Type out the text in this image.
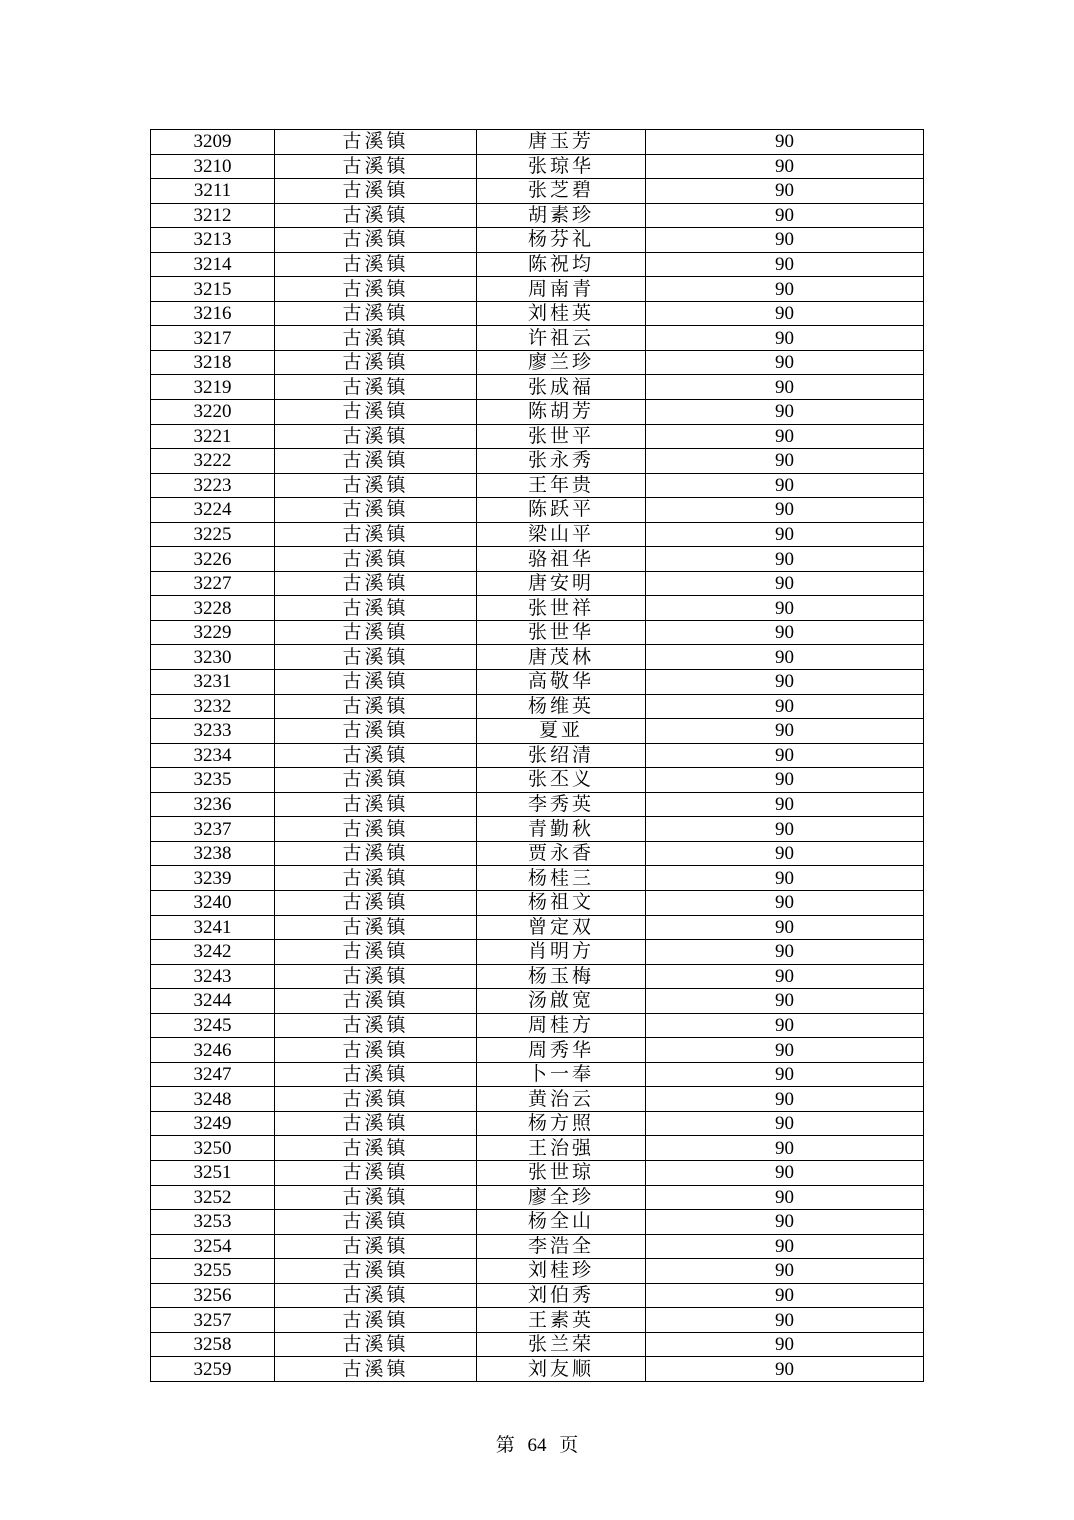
3209	古溪镇	唐玉芳	90
3210	古溪镇	张琼华	90
3211	古溪镇	张芝碧	90
3212	古溪镇	胡素珍	90
3213	古溪镇	杨芬礼	90
3214	古溪镇	陈祝均	90
3215	古溪镇	周南青	90
3216	古溪镇	刘桂英	90
3217	古溪镇	许祖云	90
3218	古溪镇	廖兰珍	90
3219	古溪镇	张成福	90
3220	古溪镇	陈胡芳	90
3221	古溪镇	张世平	90
3222	古溪镇	张永秀	90
3223	古溪镇	王年贵	90
3224	古溪镇	陈跃平	90
3225	古溪镇	梁山平	90
3226	古溪镇	骆祖华	90
3227	古溪镇	唐安明	90
3228	古溪镇	张世祥	90
3229	古溪镇	张世华	90
3230	古溪镇	唐茂林	90
3231	古溪镇	高敬华	90
3232	古溪镇	杨维英	90
3233	古溪镇	夏亚	90
3234	古溪镇	张绍清	90
3235	古溪镇	张丕义	90
3236	古溪镇	李秀英	90
3237	古溪镇	青勤秋	90
3238	古溪镇	贾永香	90
3239	古溪镇	杨桂三	90
3240	古溪镇	杨祖文	90
3241	古溪镇	曾定双	90
3242	古溪镇	肖明方	90
3243	古溪镇	杨玉梅	90
3244	古溪镇	汤啟宽	90
3245	古溪镇	周桂方	90
3246	古溪镇	周秀华	90
3247	古溪镇	卜一奉	90
3248	古溪镇	黄治云	90
3249	古溪镇	杨方照	90
3250	古溪镇	王治强	90
3251	古溪镇	张世琼	90
3252	古溪镇	廖全珍	90
3253	古溪镇	杨全山	90
3254	古溪镇	李浩全	90
3255	古溪镇	刘桂珍	90
3256	古溪镇	刘伯秀	90
3257	古溪镇	王素英	90
3258	古溪镇	张兰荣	90
3259	古溪镇	刘友顺	90
第 64 页
